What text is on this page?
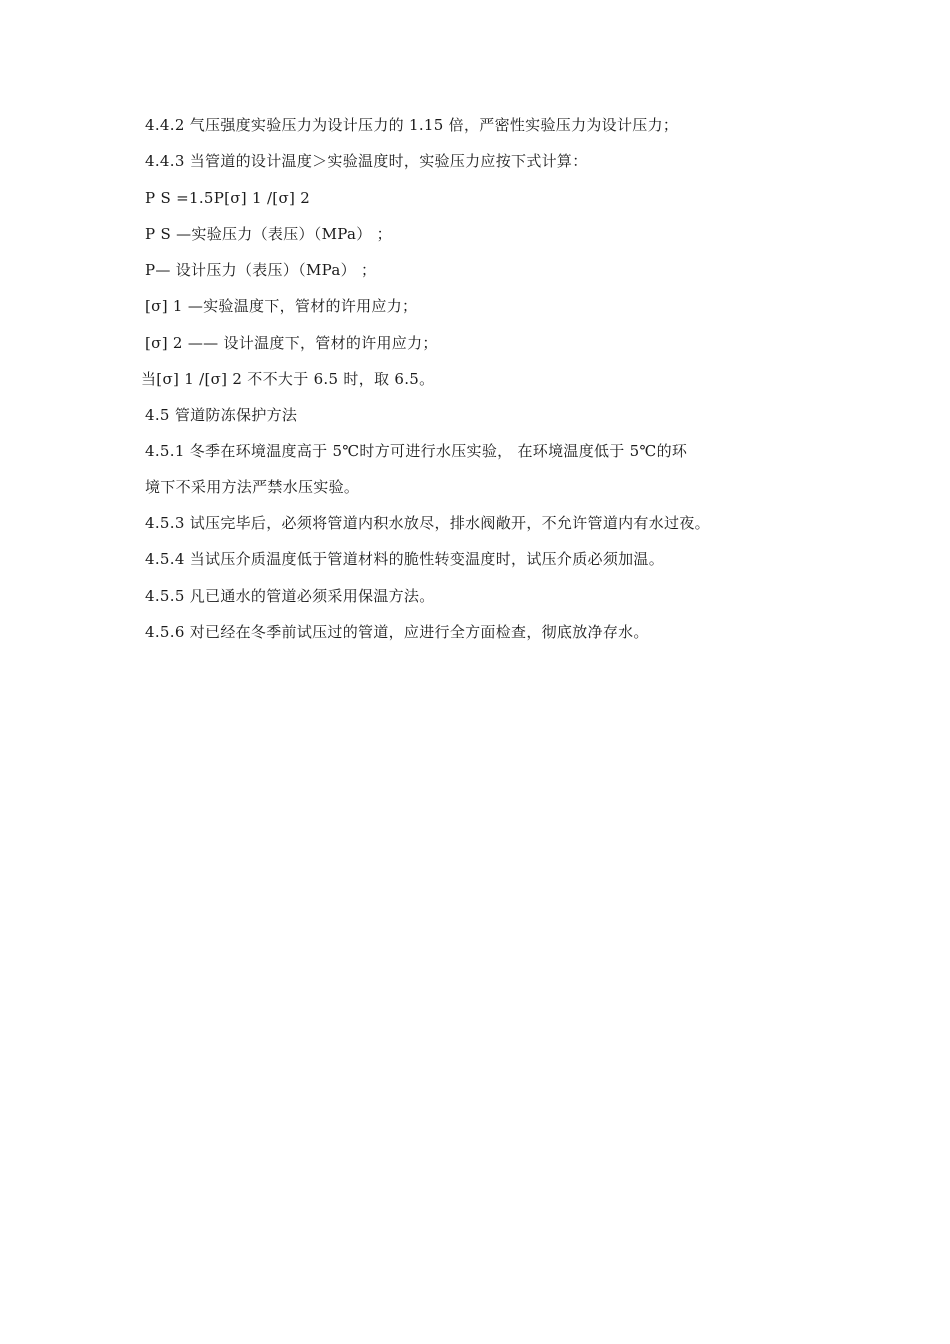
4.4.2 气压强度实验压力为设计压力的 1.15 倍，严密性实验压力为设计压力；
4.4.3 当管道的设计温度＞实验温度时，实验压力应按下式计算：
P S =1.5P[σ] 1 /[σ] 2
P S —实验压力（表压）（MPa） ；
P— 设计压力（表压）（MPa） ；
[σ] 1 —实验温度下，管材的许用应力；
[σ] 2 —— 设计温度下，管材的许用应力；
当[σ] 1 /[σ] 2 不不大于 6.5 时，取 6.5。
4.5 管道防冻保护方法
4.5.1 冬季在环境温度高于 5℃时方可进行水压实验， 在环境温度低于 5℃的环
境下不采用方法严禁水压实验。
4.5.3 试压完毕后，必须将管道内积水放尽，排水阀敞开，不允许管道内有水过夜。
4.5.4 当试压介质温度低于管道材料的脆性转变温度时，试压介质必须加温。
4.5.5 凡已通水的管道必须采用保温方法。
4.5.6 对已经在冬季前试压过的管道，应进行全方面检查，彻底放净存水。
